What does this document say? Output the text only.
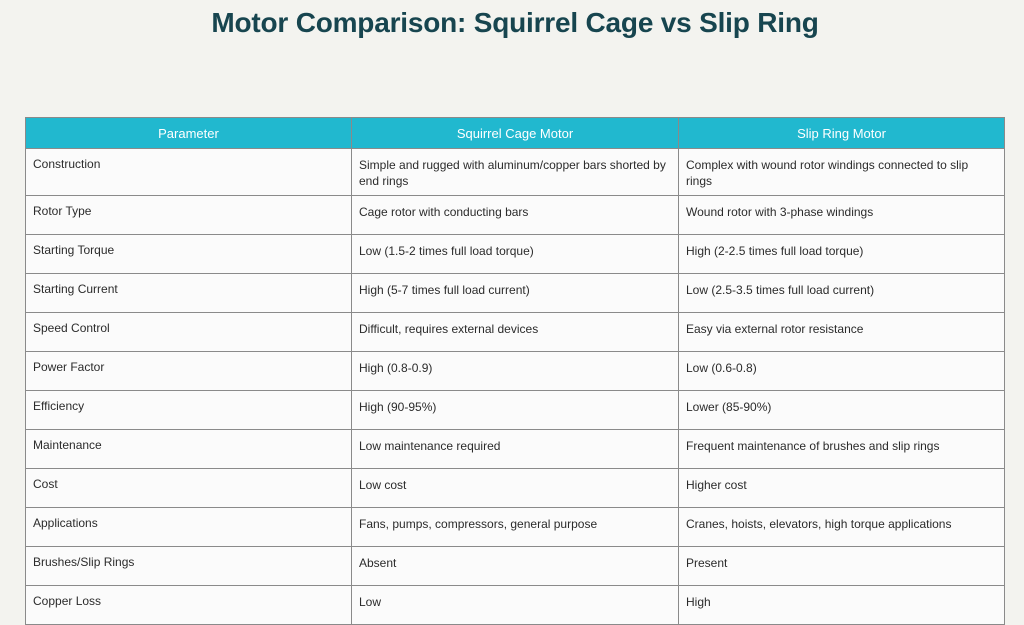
Motor Comparison: Squirrel Cage vs Slip Ring
Parameter	Squirrel Cage Motor	Slip Ring Motor
Construction	Simple and rugged with aluminum/copper bars shorted by end rings	Complex with wound rotor windings connected to slip rings
Rotor Type	Cage rotor with conducting bars	Wound rotor with 3-phase windings
Starting Torque	Low (1.5-2 times full load torque)	High (2-2.5 times full load torque)
Starting Current	High (5-7 times full load current)	Low (2.5-3.5 times full load current)
Speed Control	Difficult, requires external devices	Easy via external rotor resistance
Power Factor	High (0.8-0.9)	Low (0.6-0.8)
Efficiency	High (90-95%)	Lower (85-90%)
Maintenance	Low maintenance required	Frequent maintenance of brushes and slip rings
Cost	Low cost	Higher cost
Applications	Fans, pumps, compressors, general purpose	Cranes, hoists, elevators, high torque applications
Brushes/Slip Rings	Absent	Present
Copper Loss	Low	High
